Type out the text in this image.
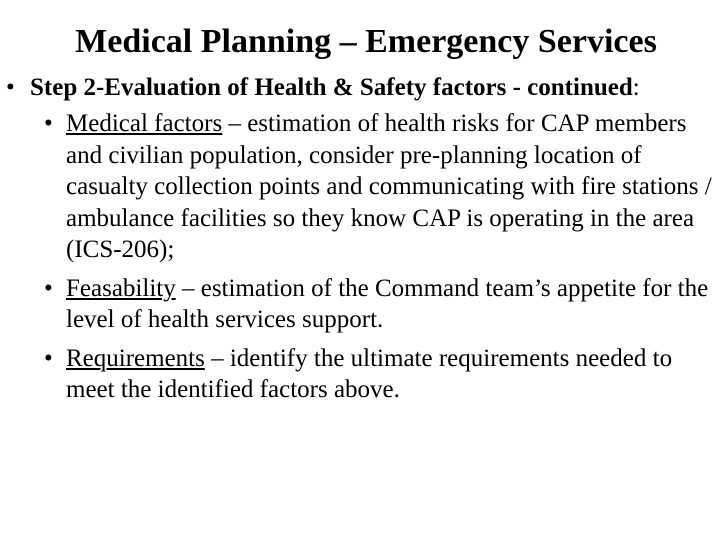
Medical Planning – Emergency Services
• Step 2-Evaluation of Health & Safety factors - continued:
• Medical factors – estimation of health risks for CAP members and civilian population, consider pre-planning location of casualty collection points and communicating with fire stations / ambulance facilities so they know CAP is operating in the area (ICS-206);
• Feasability – estimation of the Command team’s appetite for the level of health services support.
• Requirements – identify the ultimate requirements needed to meet the identified factors above.
